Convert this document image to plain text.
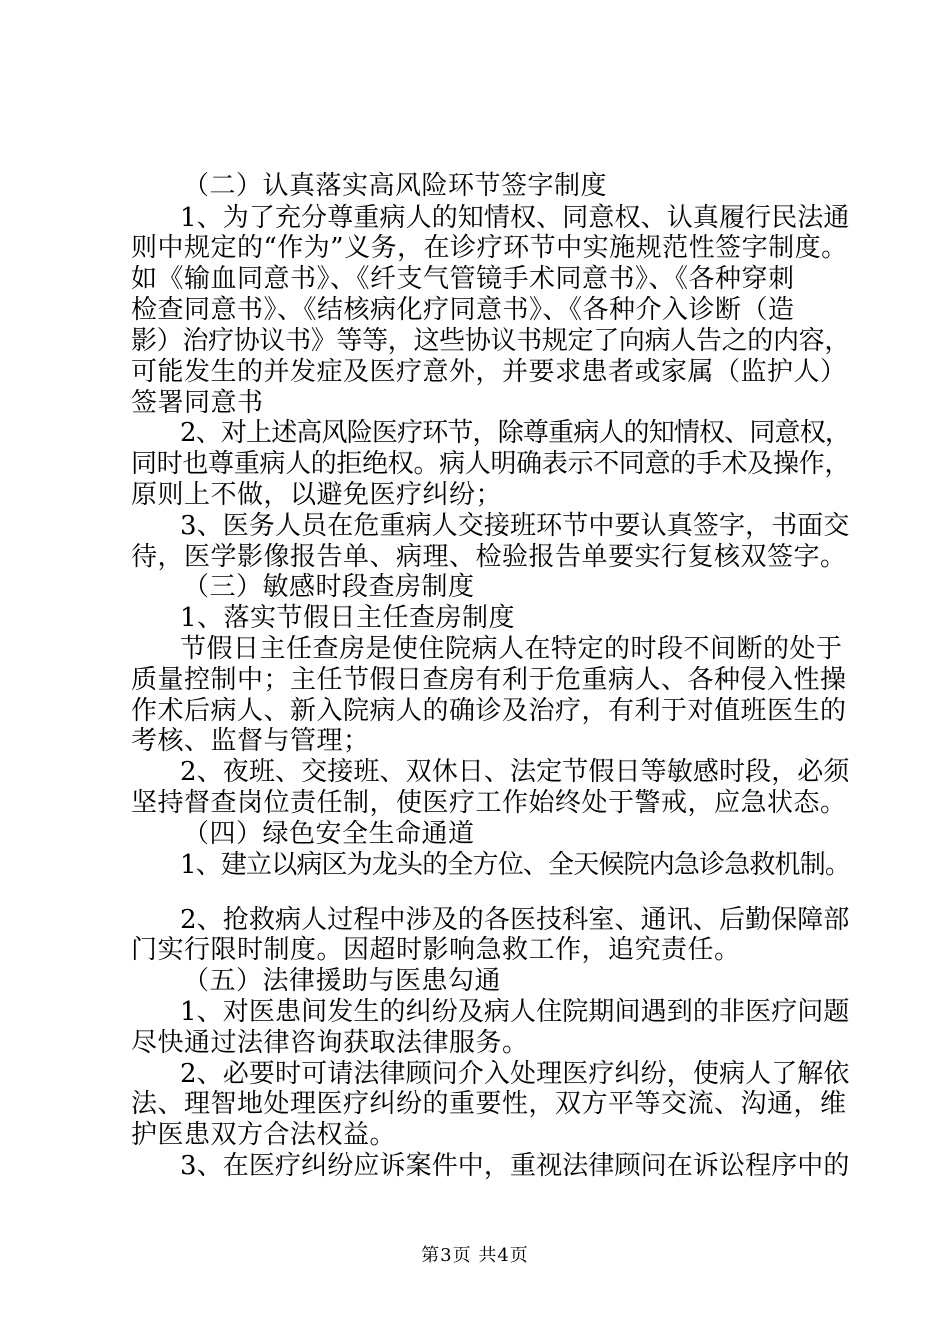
（二）认真落实高风险环节签字制度
1、为了充分尊重病人的知情权、同意权、认真履行民法通
则中规定的“作为”义务，在诊疗环节中实施规范性签字制度。
如《输血同意书》、《纤支气管镜手术同意书》、《各种穿刺
检查同意书》、《结核病化疗同意书》、《各种介入诊断（造
影）治疗协议书》等等，这些协议书规定了向病人告之的内容，
可能发生的并发症及医疗意外，并要求患者或家属（监护人）
签署同意书
2、对上述高风险医疗环节，除尊重病人的知情权、同意权，
同时也尊重病人的拒绝权。病人明确表示不同意的手术及操作，
原则上不做，以避免医疗纠纷；
3、医务人员在危重病人交接班环节中要认真签字，书面交
待，医学影像报告单、病理、检验报告单要实行复核双签字。
（三）敏感时段查房制度
1、落实节假日主任查房制度
节假日主任查房是使住院病人在特定的时段不间断的处于
质量控制中；主任节假日查房有利于危重病人、各种侵入性操
作术后病人、新入院病人的确诊及治疗，有利于对值班医生的
考核、监督与管理；
2、夜班、交接班、双休日、法定节假日等敏感时段，必须
坚持督查岗位责任制，使医疗工作始终处于警戒，应急状态。
（四）绿色安全生命通道
1、建立以病区为龙头的全方位、全天候院内急诊急救机制。
2、抢救病人过程中涉及的各医技科室、通讯、后勤保障部
门实行限时制度。因超时影响急救工作，追究责任。
（五）法律援助与医患勾通
1、对医患间发生的纠纷及病人住院期间遇到的非医疗问题
尽快通过法律咨询获取法律服务。
2、必要时可请法律顾问介入处理医疗纠纷，使病人了解依
法、理智地处理医疗纠纷的重要性，双方平等交流、沟通，维
护医患双方合法权益。
3、在医疗纠纷应诉案件中，重视法律顾问在诉讼程序中的
第3页 共4页
